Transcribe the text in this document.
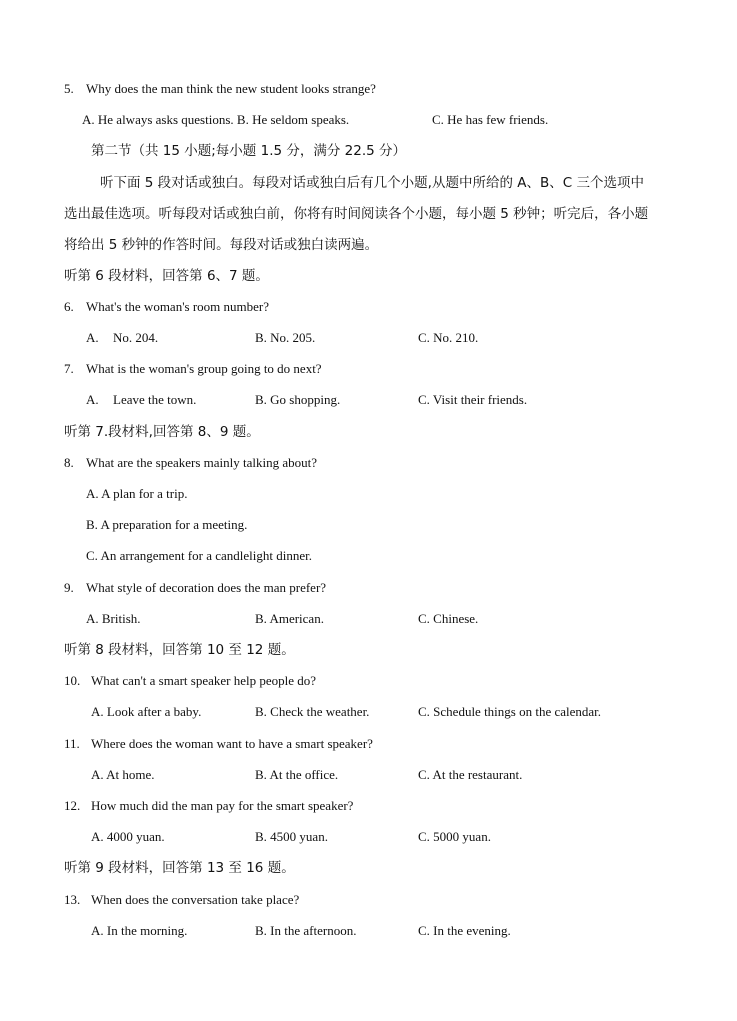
5. Why does the man think the new student looks strange?
A. He always asks questions. B. He seldom speaks.	C. He has few friends.
第二节（共 15 小题;每小题 1.5 分，满分 22.5 分）
听下面 5 段对话或独白。每段对话或独白后有几个小题,从题中所给的 A、B、C 三个选项中
选出最佳选项。听每段对话或独白前，你将有时间阅读各个小题，每小题 5 秒钟；听完后，各小题
将给出 5 秒钟的作答时间。每段对话或独白读两遍。
听第 6 段材料，回答第 6、7 题。
6. What's the woman's room number?
A. No. 204.	B. No. 205.	C. No. 210.
7. What is the woman's group going to do next?
A. Leave the town.	B. Go shopping.	C. Visit their friends.
听第 7.段材料,回答第 8、9 题。
8. What are the speakers mainly talking about?
A. A plan for a trip.
B. A preparation for a meeting.
C. An arrangement for a candlelight dinner.
9. What style of decoration does the man prefer?
A. British.	B. American.	C. Chinese.
听第 8 段材料，回答第 10 至 12 题。
10. What can't a smart speaker help people do?
A. Look after a baby.	B. Check the weather.	C. Schedule things on the calendar.
11. Where does the woman want to have a smart speaker?
A. At home.	B. At the office.	C. At the restaurant.
12. How much did the man pay for the smart speaker?
A. 4000 yuan.	B. 4500 yuan.	C. 5000 yuan.
听第 9 段材料，回答第 13 至 16 题。
13. When does the conversation take place?
A. In the morning.	B. In the afternoon.	C. In the evening.
